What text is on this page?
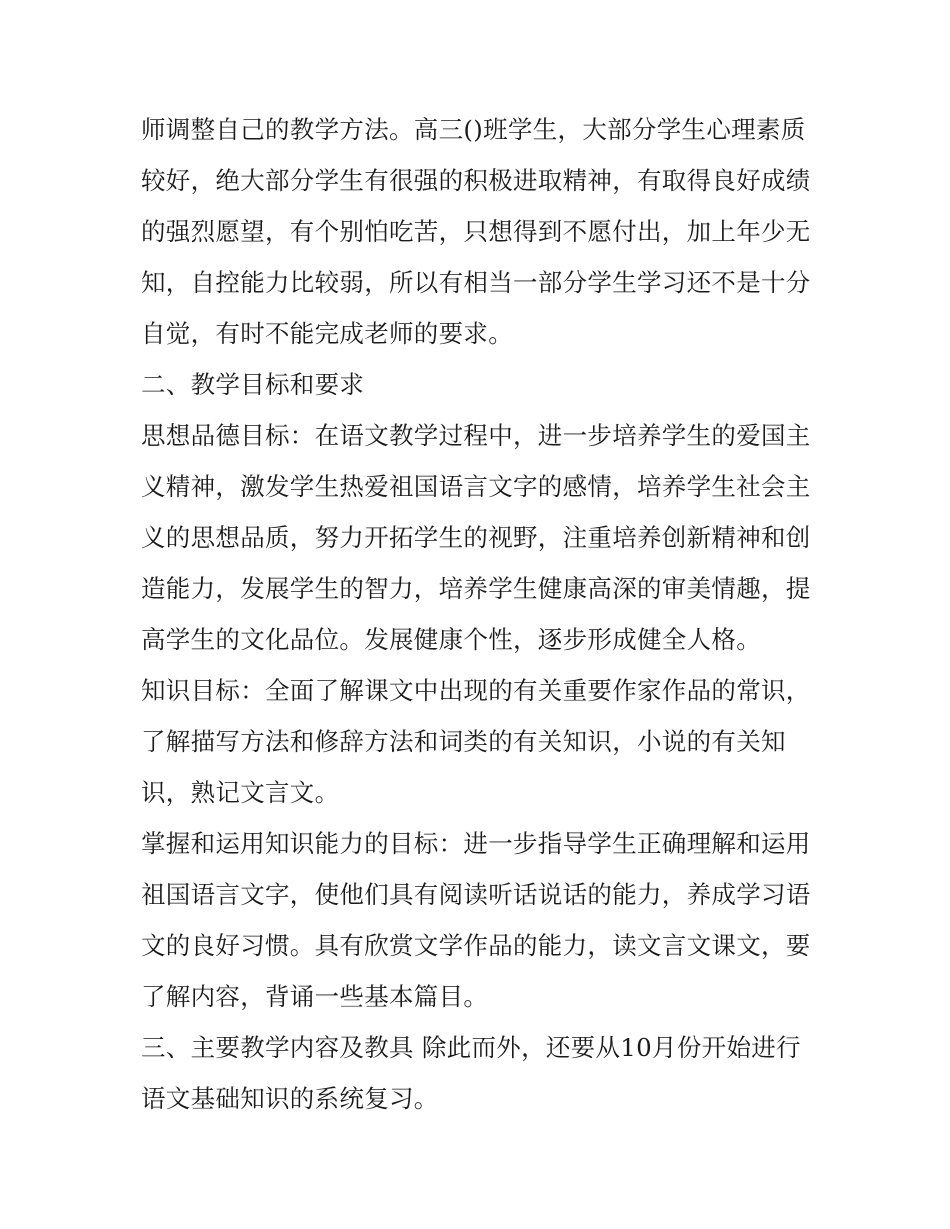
师调整自己的教学方法。高三()班学生，大部分学生心理素质
较好，绝大部分学生有很强的积极进取精神，有取得良好成绩
的强烈愿望，有个别怕吃苦，只想得到不愿付出，加上年少无
知，自控能力比较弱，所以有相当一部分学生学习还不是十分
自觉，有时不能完成老师的要求。

二、教学目标和要求

思想品德目标：在语文教学过程中，进一步培养学生的爱国主
义精神，激发学生热爱祖国语言文字的感情，培养学生社会主
义的思想品质，努力开拓学生的视野，注重培养创新精神和创
造能力，发展学生的智力，培养学生健康高深的审美情趣，提
高学生的文化品位。发展健康个性，逐步形成健全人格。

知识目标：全面了解课文中出现的有关重要作家作品的常识，
了解描写方法和修辞方法和词类的有关知识，小说的有关知
识，熟记文言文。

掌握和运用知识能力的目标：进一步指导学生正确理解和运用
祖国语言文字，使他们具有阅读听话说话的能力，养成学习语
文的良好习惯。具有欣赏文学作品的能力，读文言文课文，要
了解内容，背诵一些基本篇目。

三、主要教学内容及教具 除此而外，还要从10月份开始进行
语文基础知识的系统复习。
